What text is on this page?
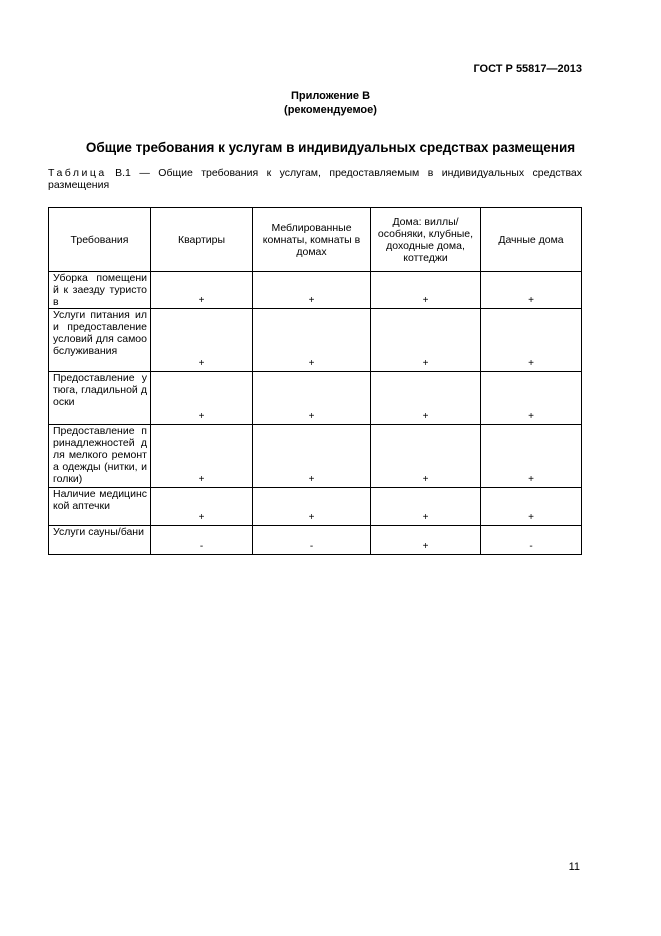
ГОСТ Р 55817—2013
Приложение В
(рекомендуемое)
Общие требования к услугам в индивидуальных средствах размещения
Таблица В.1 — Общие требования к услугам, предоставляемым в индивидуальных средствах размещения
Требования	Квартиры	Меблированные комнаты, комнаты в домах	Дома: виллы/особняки, клубные, доходные дома, коттеджи	Дачные дома
Уборка помещений к заезду туристов	+	+	+	+
Услуги питания или предоставление условий для самообслуживания	+	+	+	+
Предоставление утюга, гладильной доски	+	+	+	+
Предоставление принадлежностей для мелкого ремонта одежды (нитки, иголки)	+	+	+	+
Наличие медицинской аптечки	+	+	+	+
Услуги сауны/бани	-	-	+	-
11
